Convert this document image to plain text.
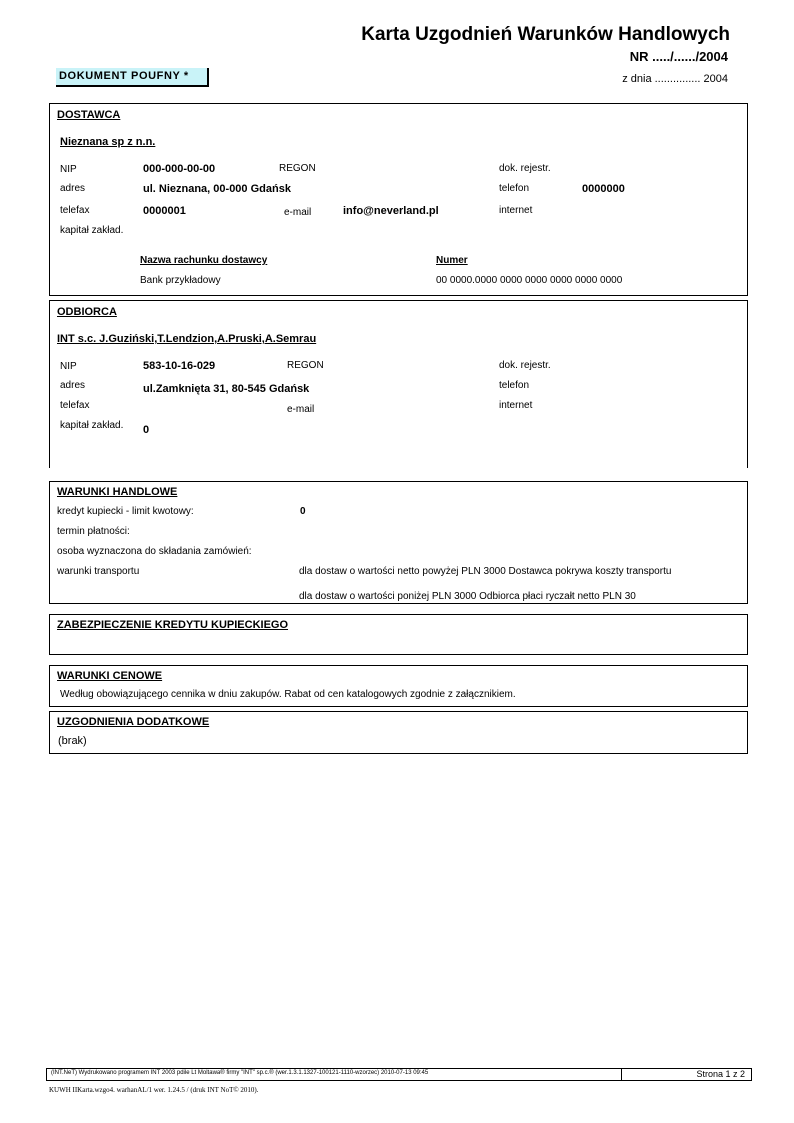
Karta Uzgodnień Warunków Handlowych
NR ...../....../2004
DOKUMENT POUFNY *	z dnia ............... 2004
DOSTAWCA
Nieznana sp z n.n.
NIP	000-000-00-00	REGON	dok. rejestr.
adres	ul. Nieznana, 00-000 Gdańsk	telefon	0000000
telefax	0000001	e-mail	info@neverland.pl	internet
kapitał zakład.
Nazwa rachunku dostawcy	Numer
Bank przykładowy	00 0000.0000 0000 0000 0000 0000 0000
ODBIORCA
INT s.c. J.Guziński,T.Lendzion,A.Pruski,A.Semrau
NIP	583-10-16-029	REGON	dok. rejestr.
adres	ul.Zamknięta 31, 80-545 Gdańsk	telefon
telefax	e-mail	internet
kapitał zakład. 0
WARUNKI HANDLOWE
kredyt kupiecki - limit kwotowy:	0
termin płatności:
osoba wyznaczona do składania zamówień:
warunki transportu	dla dostaw o wartości netto powyżej PLN 3000 Dostawca pokrywa koszty transportu
dla dostaw o wartości poniżej PLN 3000 Odbiorca płaci ryczałt netto PLN 30
ZABEZPIECZENIE KREDYTU KUPIECKIEGO
WARUNKI CENOWE
Według obowiązującego cennika w dniu zakupów. Rabat od cen katalogowych zgodnie z załącznikiem.
UZGODNIENIA DODATKOWE
(brak)
(INT.NeT) Wydrukowano programem INT 2003 pdile Lt Moltawa® firmy "INT" sp.c.® (wer.1.3.1.1327-100121-1110-wzorzec) 2010-07-13 09:45	Strona 1 z 2
KUWH IIKarta.wzgo4. warhanAL/1 wer. 1.24.5 / (druk INT NoT© 2010).
